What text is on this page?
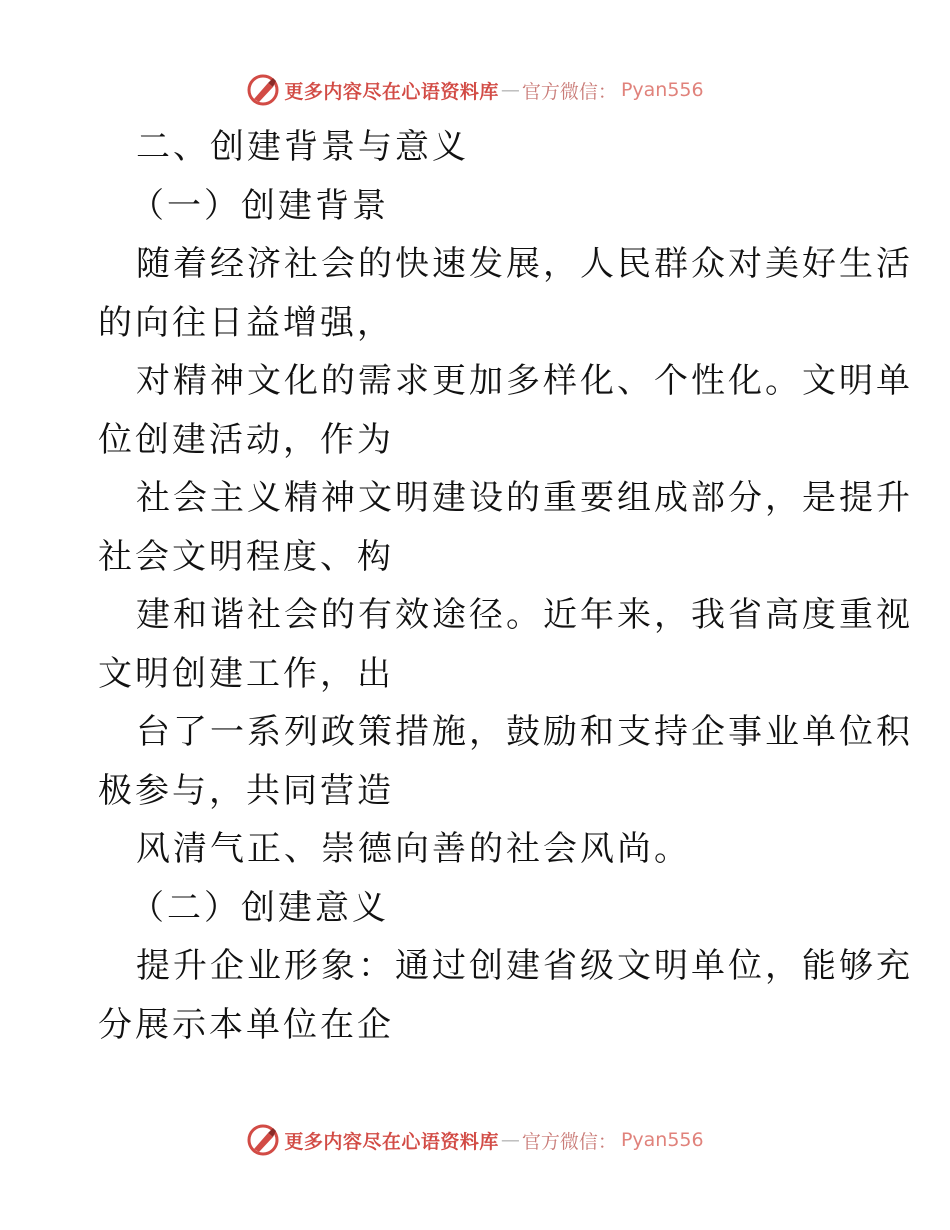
更多内容尽在心语资料库 — 官方微信： Pyan556
二、创建背景与意义
（一）创建背景
随着经济社会的快速发展，人民群众对美好生活
的向往日益增强，
对精神文化的需求更加多样化、个性化。文明单
位创建活动，作为
社会主义精神文明建设的重要组成部分，是提升
社会文明程度、构
建和谐社会的有效途径。近年来，我省高度重视
文明创建工作，出
台了一系列政策措施，鼓励和支持企事业单位积
极参与，共同营造
风清气正、崇德向善的社会风尚。
（二）创建意义
提升企业形象：通过创建省级文明单位，能够充
分展示本单位在企
更多内容尽在心语资料库 — 官方微信： Pyan556
